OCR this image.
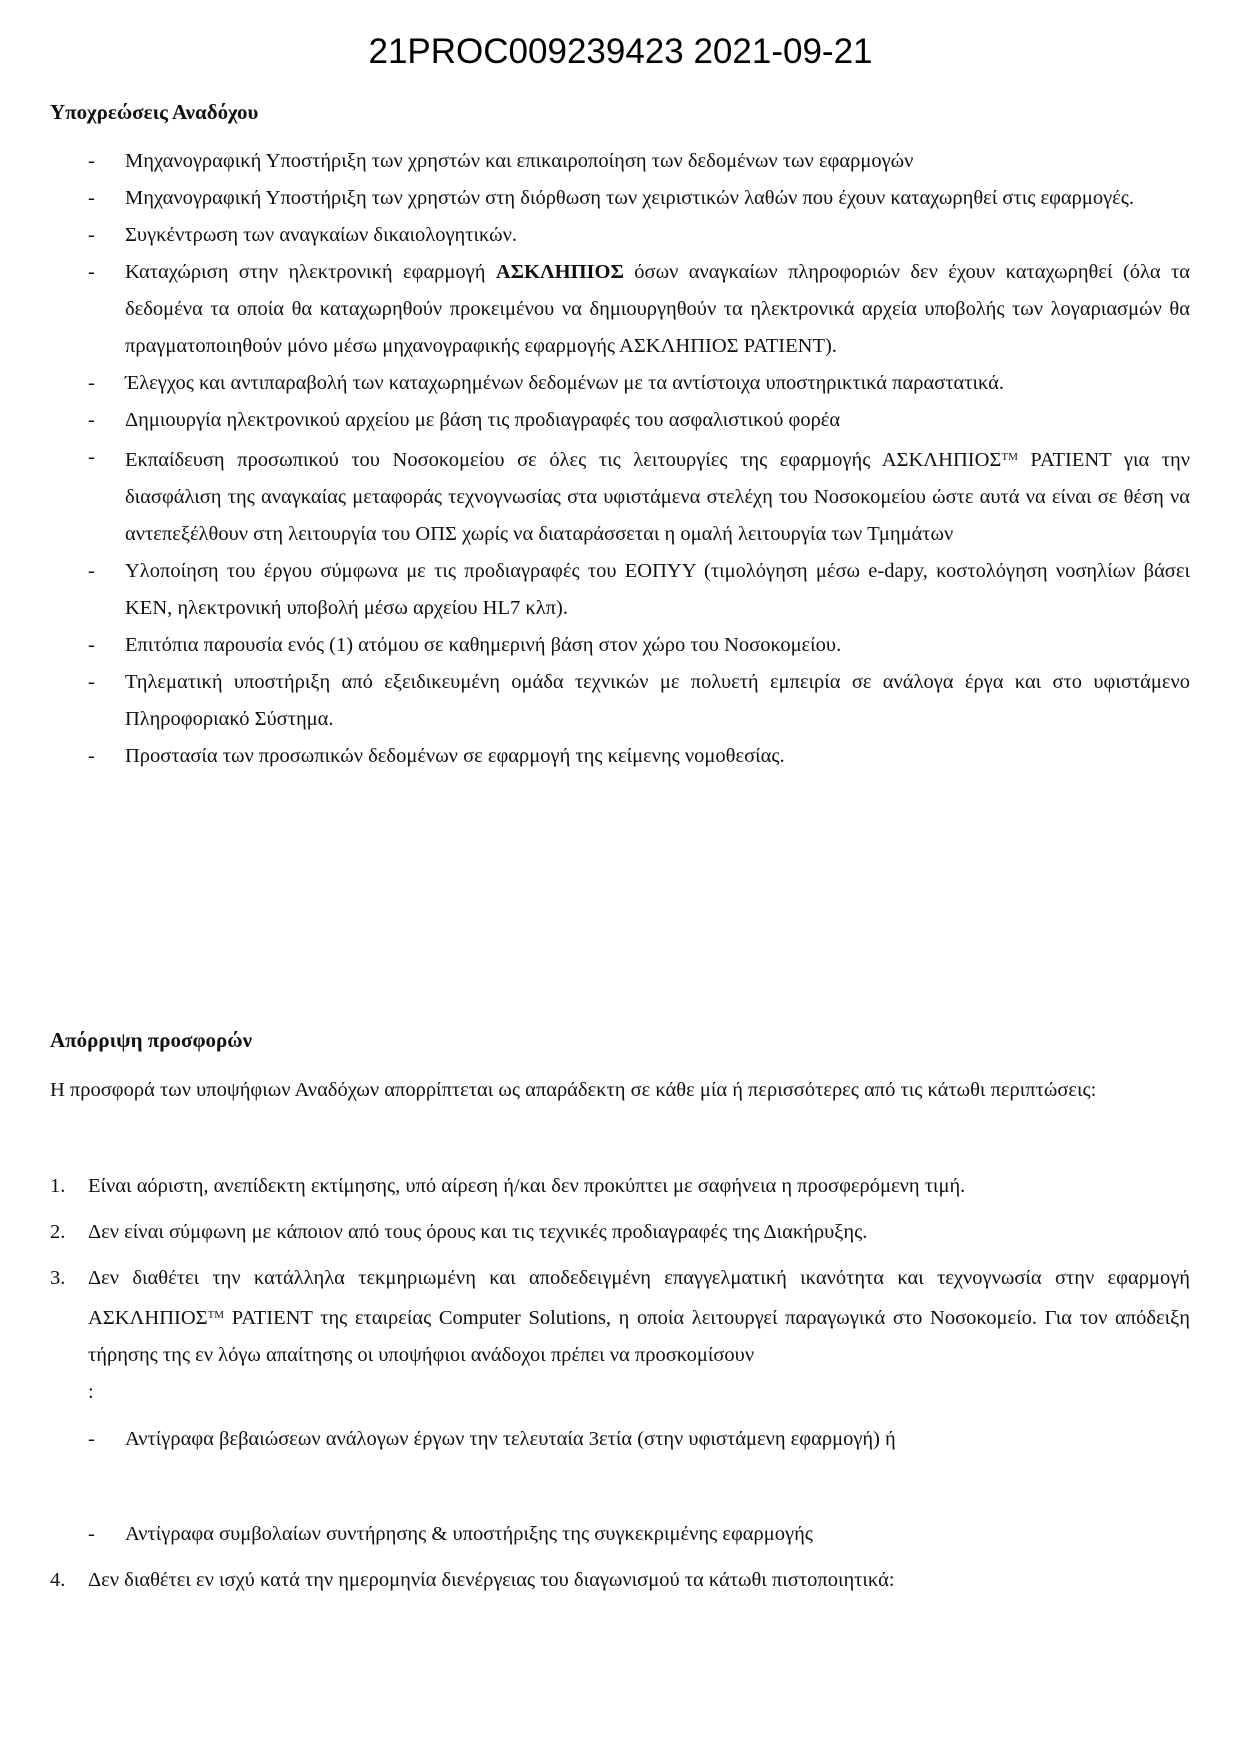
21PROC009239423 2021-09-21
Υποχρεώσεις Αναδόχου
- Μηχανογραφική Υποστήριξη των χρηστών και επικαιροποίηση των δεδομένων των εφαρμογών
- Μηχανογραφική Υποστήριξη των χρηστών στη διόρθωση των χειριστικών λαθών που έχουν καταχωρηθεί στις εφαρμογές.
- Συγκέντρωση των αναγκαίων δικαιολογητικών.
- Καταχώριση στην ηλεκτρονική εφαρμογή ΑΣΚΛΗΠΙΟΣ όσων αναγκαίων πληροφοριών δεν έχουν καταχωρηθεί (όλα τα δεδομένα τα οποία θα καταχωρηθούν προκειμένου να δημιουργηθούν τα ηλεκτρονικά αρχεία υποβολής των λογαριασμών θα πραγματοποιηθούν μόνο μέσω μηχανογραφικής εφαρμογής ΑΣΚΛΗΠΙΟΣ PATIENT).
- Έλεγχος και αντιπαραβολή των καταχωρημένων δεδομένων με τα αντίστοιχα υποστηρικτικά παραστατικά.
- Δημιουργία ηλεκτρονικού αρχείου με βάση τις προδιαγραφές του ασφαλιστικού φορέα
- Εκπαίδευση προσωπικού του Νοσοκομείου σε όλες τις λειτουργίες της εφαρμογής ΑΣΚΛΗΠΙΟΣ™ PATIENT για την διασφάλιση της αναγκαίας μεταφοράς τεχνογνωσίας στα υφιστάμενα στελέχη του Νοσοκομείου ώστε αυτά να είναι σε θέση να αντεπεξέλθουν στη λειτουργία του ΟΠΣ χωρίς να διαταράσσεται η ομαλή λειτουργία των Τμημάτων
- Υλοποίηση του έργου σύμφωνα με τις προδιαγραφές του ΕΟΠΥΥ (τιμολόγηση μέσω e-dapy, κοστολόγηση νοσηλίων βάσει ΚΕΝ, ηλεκτρονική υποβολή μέσω αρχείου HL7 κλπ).
- Επιτόπια παρουσία ενός (1) ατόμου σε καθημερινή βάση στον χώρο του Νοσοκομείου.
- Τηλεματική υποστήριξη από εξειδικευμένη ομάδα τεχνικών με πολυετή εμπειρία σε ανάλογα έργα και στο υφιστάμενο Πληροφοριακό Σύστημα.
- Προστασία των προσωπικών δεδομένων σε εφαρμογή της κείμενης νομοθεσίας.
Απόρριψη προσφορών
Η προσφορά των υποψήφιων Αναδόχων απορρίπτεται ως απαράδεκτη σε κάθε μία ή περισσότερες από τις κάτωθι περιπτώσεις:
1. Είναι αόριστη, ανεπίδεκτη εκτίμησης, υπό αίρεση ή/και δεν προκύπτει με σαφήνεια η προσφερόμενη τιμή.
2. Δεν είναι σύμφωνη με κάποιον από τους όρους και τις τεχνικές προδιαγραφές της Διακήρυξης.
3. Δεν διαθέτει την κατάλληλα τεκμηριωμένη και αποδεδειγμένη επαγγελματική ικανότητα και τεχνογνωσία στην εφαρμογή ΑΣΚΛΗΠΙΟΣ™ PATIENT της εταιρείας Computer Solutions, η οποία λειτουργεί παραγωγικά στο Νοσοκομείο. Για τον απόδειξη τήρησης της εν λόγω απαίτησης οι υποψήφιοι ανάδοχοι πρέπει να προσκομίσουν
:
- Αντίγραφα βεβαιώσεων ανάλογων έργων την τελευταία 3ετία (στην υφιστάμενη εφαρμογή) ή
- Αντίγραφα συμβολαίων συντήρησης & υποστήριξης της συγκεκριμένης εφαρμογής
4. Δεν διαθέτει εν ισχύ κατά την ημερομηνία διενέργειας του διαγωνισμού τα κάτωθι πιστοποιητικά:
